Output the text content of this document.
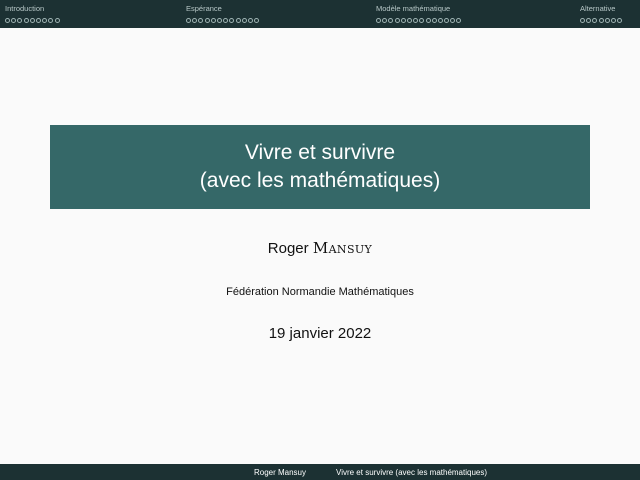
Introduction	Espérance	Modèle mathématique	Alternative
Vivre et survivre
(avec les mathématiques)
Roger Mansuy
Fédération Normandie Mathématiques
19 janvier 2022
Roger Mansuy	Vivre et survivre (avec les mathématiques)
